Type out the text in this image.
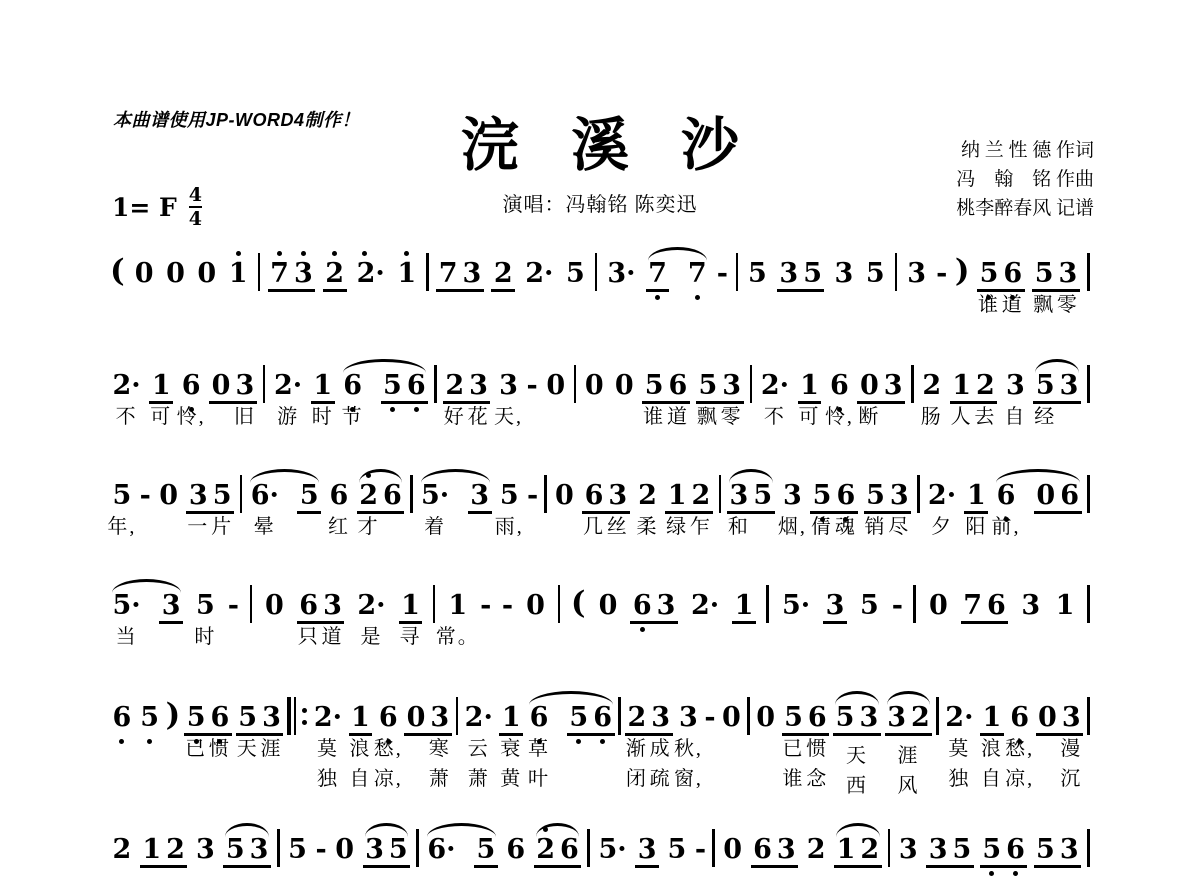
本曲谱使用JP-WORD4制作！	浣溪沙	纳 兰 性 德 作词
冯　翰　铭 作曲
桃李醉春风 记谱
演唱：冯翰铭 陈奕迅
1= F $\frac{4}{4}$
( 0 0 0 1 7 3 2 2· 1 7 3 2 2· 5 3· 7 7 - 5 3 5 3 5 3 - ) 5
谁
6
道
5
飘
3
零
2·
不
1
可
6
怜,
0 3
旧
2·
游
1
时
6
节
5 6 2
好
3
花
3
天,
- 0 0 0 5
谁
6
道
5
飘
3
零
2·
不
1
可
6
怜,
0
断
3 2
肠
1
人
2
去
3
自
5
经
3
5
年,
- 0 3
一
5
片
6·
晕
5 6
红
2
才
6 5·
着
3 5
雨,
- 0 6
几
3
丝
2
柔
1
绿
2
乍
3
和
5 3
烟,
5
倩
6
魂
5
销
3
尽
2·
夕
1
阳
6
前,
0 6
5·
当
3 5
时
- 0 6
只
3
道
2·
是
1
寻
1
常。
- - 0 ( 0 6 3 2· 1 5· 3 5 - 0 7 6 3 1
6 5 ) 5
已
6
惯
5
天
3
涯
2·
莫
独
1
浪
自
6
愁,
凉,
0 3
寒
萧
2·
云
萧
1
衰
黄
6
草
叶
5 6 2
渐
闭
3
成
疏
3
秋,
窗,
- 0 0 5
已
谁
6
惯
念
5 3
天
西
3 2
涯
风
2·
莫
独
1
浪
自
6
愁,
凉,
0 3
漫
沉
2 1 2 3 5 3 5 - 0 3 5 6· 5 6 2 6 5· 3 5 - 0 6 3 2 1 2 3 3 5 5 6 5 3
